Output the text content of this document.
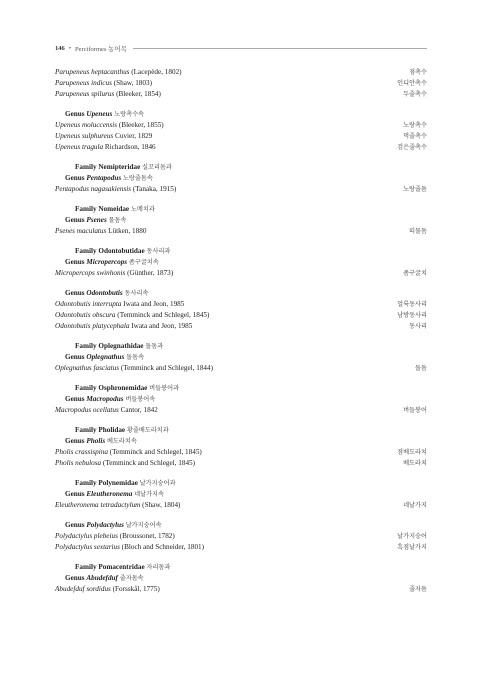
146 • Perciformes 농어목
Parupeneus heptacanthus (Lacepède, 1802)	점촉수
Parupeneus indicus (Shaw, 1803)	인디안촉수
Parupeneus spilurus (Bleeker, 1854)	두줄촉수
Genus Upeneus 노랑촉수속
Upeneus moluccensis (Bleeker, 1855)	노랑촉수
Upeneus sulphureus Cuvier, 1829	먹줄촉수
Upeneus tragula Richardson, 1846	검은줄촉수
Family Nemipteridae 실꼬리돔과
Genus Pentapodus 노랑줄돔속
Pentapodus nagasakiensis (Tanaka, 1915)	노랑줄돔
Family Nomeidae 노메치과
Genus Psenes 물돔속
Psenes maculatus Lütken, 1880	띠물돔
Family Odontobutidae 동사리과
Genus Micropercops 좀구굴치속
Micropercops swinhonis (Günther, 1873)	좀구굴치
Genus Odontobutis 동사리속
Odontobutis interrupta Iwata and Jeon, 1985	얼룩동사리
Odontobutis obscura (Temminck and Schlegel, 1845)	남방동사리
Odontobutis platycephala Iwata and Jeon, 1985	동사리
Family Oplegnathidae 돌돔과
Genus Oplegnathus 돌돔속
Oplegnathus fasciatus (Temminck and Schlegel, 1844)	돌돔
Family Osphronemidae 버들붕어과
Genus Macropodus 버들붕어속
Macropodus ocellatus Cantor, 1842	버들붕어
Family Pholidae 황줄베도라치과
Genus Pholis 베도라치속
Pholis crassispina (Temminck and Schlegel, 1845)	점베도라치
Pholis nebulosa (Temminck and Schlegel, 1845)	베도라치
Family Polynemidae 날가지숭어과
Genus Eleutheronema 네날가지속
Eleutheronema tetradactylum (Shaw, 1804)	네날가지
Genus Polydactylus 날가지숭어속
Polydactylus plebeius (Broussonet, 1782)	날가지숭어
Polydactylus sextarius (Bloch and Schneider, 1801)	흑점날가지
Family Pomacentridae 자리돔과
Genus Abudefduf 줄자돔속
Abudefduf sordidus (Forsskål, 1775)	줄자돔
